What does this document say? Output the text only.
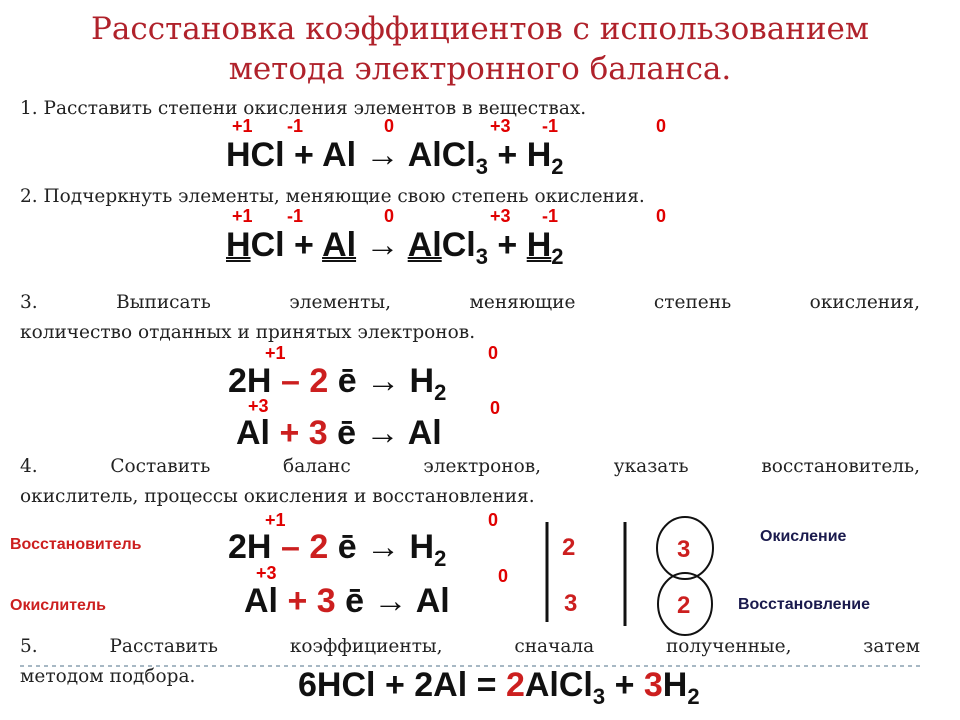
Расстановка коэффициентов с использованием
метода электронного баланса.
1. Расставить степени окисления элементов в веществах.
+1 -1	0	+3 -1	0
HCl + Al → AlCl$_3$ + $H_2$
2. Подчеркнуть элементы, меняющие свою степень окисления.
+1 -1	0	+3 -1	0
HCl + Al → AlCl$_3$ + $H_2$
3. Выписать элементы, меняющие степень окисления,
количество отданных и принятых электронов.
+1	0
2H – 2 ē → $H_2$
+3	0
Al + 3 ē → Al
4. Составить баланс электронов, указать восстановитель,
окислитель, процессы окисления и восстановления.
+1	0
Восстановитель	2H – 2 ē → $H_2$
+3	0
Окислитель	Al + 3 ē → Al
2
3
3
2
Окисление
Восстановление
5. Расставить коэффициенты, сначала полученные, затем
методом подбора.	6HCl + 2Al = 2AlCl$_3$ + $3H_2$
